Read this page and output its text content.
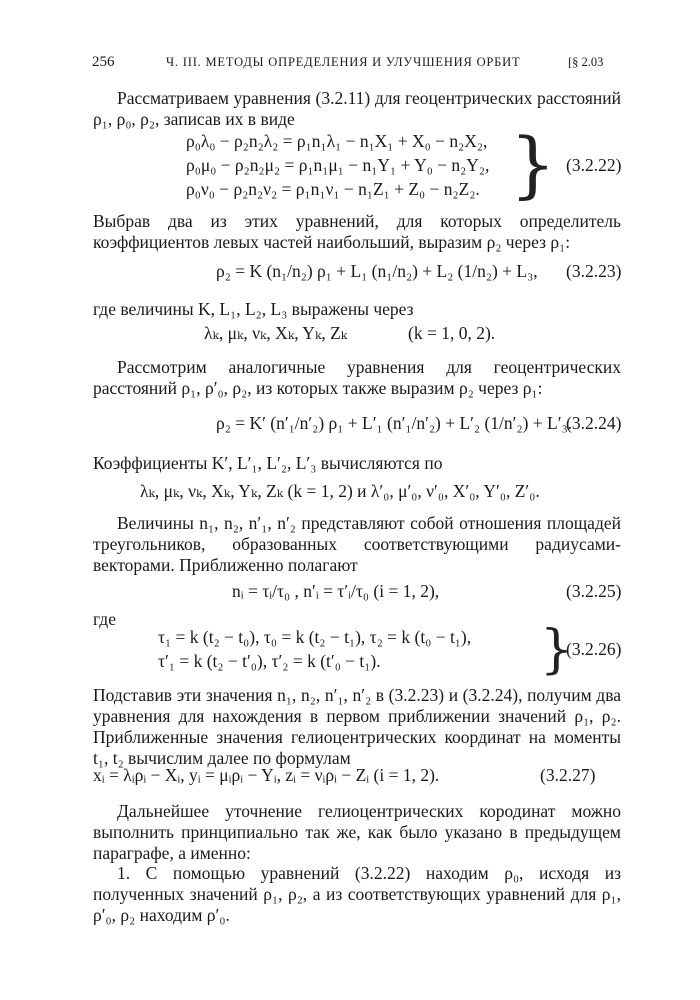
256	Ч. III. МЕТОДЫ ОПРЕДЕЛЕНИЯ И УЛУЧШЕНИЯ ОРБИТ	[§ 2.03
Рассматриваем уравнения (3.2.11) для геоцентрических расстояний ρ₁, ρ₀, ρ₂, записав их в виде
ρ₀λ₀ − ρ₂n₂λ₂ = ρ₁n₁λ₁ − n₁X₁ + X₀ − n₂X₂,
ρ₀μ₀ − ρ₂n₂μ₂ = ρ₁n₁μ₁ − n₁Y₁ + Y₀ − n₂Y₂,
ρ₀ν₀ − ρ₂n₂ν₂ = ρ₁n₁ν₁ − n₁Z₁ + Z₀ − n₂Z₂. } (3.2.22)
Выбрав два из этих уравнений, для которых определитель коэффициентов левых частей наибольший, выразим ρ₂ через ρ₁:
ρ₂ = K (n₁/n₂) ρ₁ + L₁ (n₁/n₂) + L₂ (1/n₂) + L₃, (3.2.23)
где величины K, L₁, L₂, L₃ выражены через
λₖ, μₖ, νₖ, Xₖ, Yₖ, Zₖ	(k = 1, 0, 2).
Рассмотрим аналогичные уравнения для геоцентрических расстояний ρ₁, ρ′₀, ρ₂, из которых также выразим ρ₂ через ρ₁:
ρ₂ = K′ (n′₁/n′₂) ρ₁ + L′₁ (n′₁/n′₂) + L′₂ (1/n′₂) + L′₃.
(3.2.24)
Коэффициенты K′, L′₁, L′₂, L′₃ вычисляются по
λₖ, μₖ, νₖ, Xₖ, Yₖ, Zₖ (k = 1, 2) и λ′₀, μ′₀, ν′₀, X′₀, Y′₀, Z′₀.
Величины n₁, n₂, n′₁, n′₂ представляют собой отношения площадей треугольников, образованных соответствующими радиусами-векторами. Приближенно полагают
nᵢ = τᵢ/τ₀ , n′ᵢ = τ′ᵢ/τ₀ (i = 1, 2),	(3.2.25)
где
τ₁ = k (t₂ − t₀), τ₀ = k (t₂ − t₁), τ₂ = k (t₀ − t₁),
τ′₁ = k (t₂ − t′₀), τ′₂ = k (t′₀ − t₁).	}
(3.2.26)
Подставив эти значения n₁, n₂, n′₁, n′₂ в (3.2.23) и (3.2.24), получим два уравнения для нахождения в первом приближении значений ρ₁, ρ₂. Приближенные значения гелиоцентрических координат на моменты t₁, t₂ вычислим далее по формулам
xᵢ = λᵢρᵢ − Xᵢ, yᵢ = μᵢρᵢ − Yᵢ, zᵢ = νᵢρᵢ − Zᵢ (i = 1, 2).	(3.2.27)
Дальнейшее уточнение гелиоцентрических кородинат можно выполнить принципиально так же, как было указано в предыдущем параграфе, а именно:
1. С помощью уравнений (3.2.22) находим ρ₀, исходя из полученных значений ρ₁, ρ₂, а из соответствующих уравнений для ρ₁, ρ′₀, ρ₂ находим ρ′₀.
